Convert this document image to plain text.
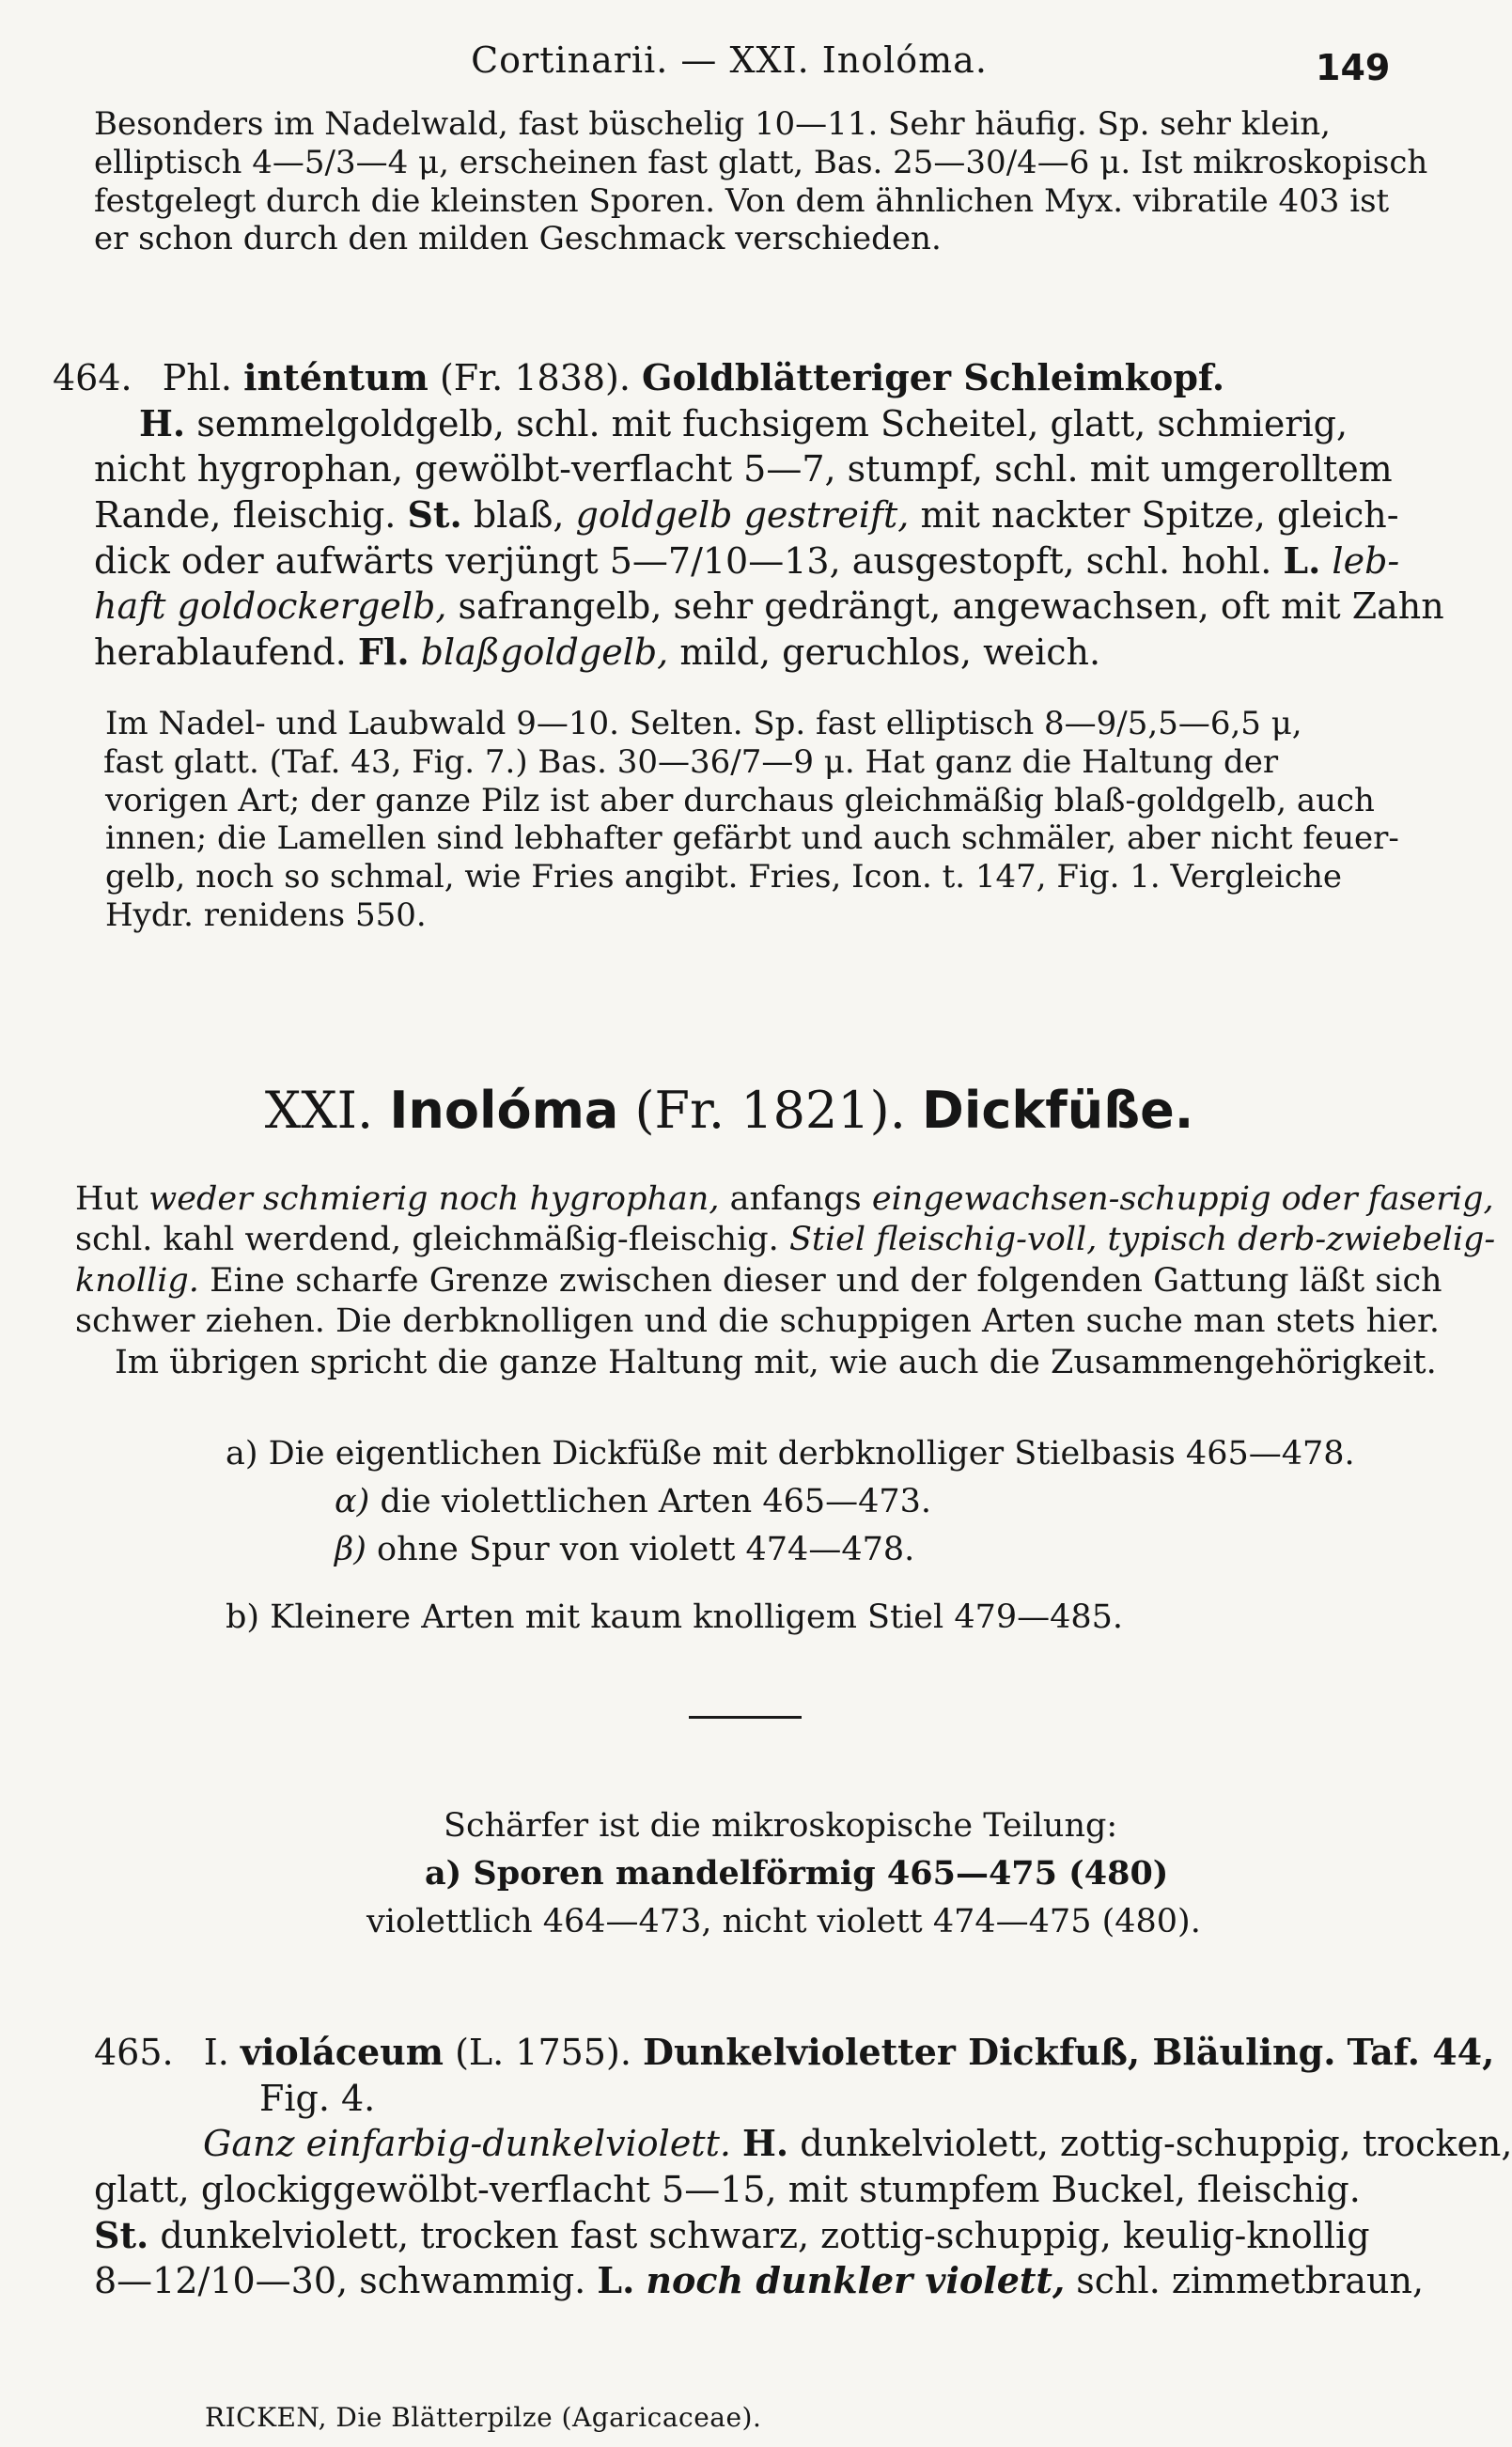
Cortinarii. — XXI. Inolóma.	149
Besonders im Nadelwald, fast büschelig 10—11. Sehr häufig. Sp. sehr klein,
elliptisch 4—5/3—4 μ, erscheinen fast glatt, Bas. 25—30/4—6 μ. Ist mikroskopisch
festgelegt durch die kleinsten Sporen. Von dem ähnlichen Myx. vibratile 403 ist
er schon durch den milden Geschmack verschieden.
464. Phl. inténtum (Fr. 1838). Goldblätteriger Schleimkopf.
H. semmelgoldgelb, schl. mit fuchsigem Scheitel, glatt, schmierig,
nicht hygrophan, gewölbt-verflacht 5—7, stumpf, schl. mit umgerolltem
Rande, fleischig. St. blaß, goldgelb gestreift, mit nackter Spitze, gleich-
dick oder aufwärts verjüngt 5—7/10—13, ausgestopft, schl. hohl. L. leb-
haft goldockergelb, safrangelb, sehr gedrängt, angewachsen, oft mit Zahn
herablaufend. Fl. blaßgoldgelb, mild, geruchlos, weich.
Im Nadel- und Laubwald 9—10. Selten. Sp. fast elliptisch 8—9/5,5—6,5 μ,
fast glatt. (Taf. 43, Fig. 7.) Bas. 30—36/7—9 μ. Hat ganz die Haltung der
vorigen Art; der ganze Pilz ist aber durchaus gleichmäßig blaß-goldgelb, auch
innen; die Lamellen sind lebhafter gefärbt und auch schmäler, aber nicht feuer-
gelb, noch so schmal, wie Fries angibt. Fries, Icon. t. 147, Fig. 1. Vergleiche
Hydr. renidens 550.
XXI. Inolóma (Fr. 1821). Dickfüße.
Hut weder schmierig noch hygrophan, anfangs eingewachsen-schuppig oder faserig,
schl. kahl werdend, gleichmäßig-fleischig. Stiel fleischig-voll, typisch derb-zwiebelig-
knollig. Eine scharfe Grenze zwischen dieser und der folgenden Gattung läßt sich
schwer ziehen. Die derbknolligen und die schuppigen Arten suche man stets hier.
Im übrigen spricht die ganze Haltung mit, wie auch die Zusammengehörigkeit.
a) Die eigentlichen Dickfüße mit derbknolliger Stielbasis 465—478.
α) die violettlichen Arten 465—473.
β) ohne Spur von violett 474—478.
b) Kleinere Arten mit kaum knolligem Stiel 479—485.
Schärfer ist die mikroskopische Teilung:
a) Sporen mandelförmig 465—475 (480)
violettlich 464—473, nicht violett 474—475 (480).
465. I. violáceum (L. 1755). Dunkelvioletter Dickfuß, Bläuling. Taf. 44,
Fig. 4.
Ganz einfarbig-dunkelviolett. H. dunkelviolett, zottig-schuppig, trocken,
glatt, glockiggewölbt-verflacht 5—15, mit stumpfem Buckel, fleischig.
St. dunkelviolett, trocken fast schwarz, zottig-schuppig, keulig-knollig
8—12/10—30, schwammig. L. noch dunkler violett, schl. zimmetbraun,
RICKEN, Die Blätterpilze (Agaricaceae).
